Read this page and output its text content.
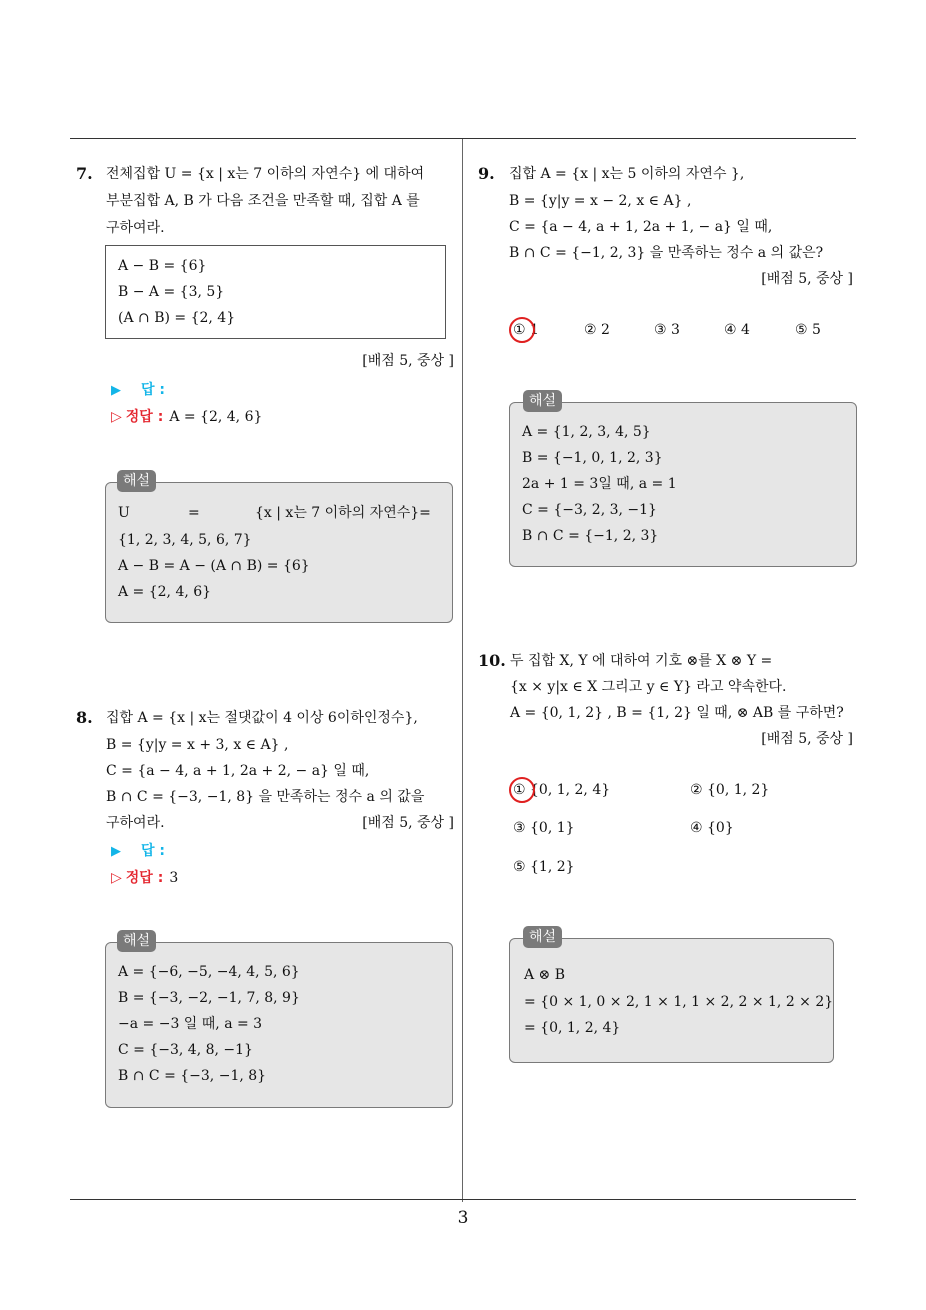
3
7. 전체집합 U = {x | x는 7 이하의 자연수} 에 대하여
부분집합 A, B 가 다음 조건을 만족할 때, 집합 A 를
구하여라.
A − B = {6}
B − A = {3, 5}
(A ∩ B) = {2, 4}
[배점 5, 중상 ]
▶ 답 :
▷ 정답 : A = {2, 4, 6}
해설
U	=	{x | x는 7 이하의 자연수}=
{1, 2, 3, 4, 5, 6, 7}
A − B = A − (A ∩ B) = {6}
A = {2, 4, 6}
8. 집합 A = {x | x는 절댓값이 4 이상 6이하인정수},
B = {y|y = x + 3, x ∈ A} ,
C = {a − 4, a + 1, 2a + 2, − a} 일 때,
B ∩ C = {−3, −1, 8} 을 만족하는 정수 a 의 값을
구하여라.	[배점 5, 중상 ]
▶ 답 :
▷ 정답 : 3
해설
A = {−6, −5, −4, 4, 5, 6}
B = {−3, −2, −1, 7, 8, 9}
−a = −3 일 때, a = 3
C = {−3, 4, 8, −1}
B ∩ C = {−3, −1, 8}
9. 집합 A = {x | x는 5 이하의 자연수 },
B = {y|y = x − 2, x ∈ A} ,
C = {a − 4, a + 1, 2a + 1, − a} 일 때,
B ∩ C = {−1, 2, 3} 을 만족하는 정수 a 의 값은?
[배점 5, 중상 ]
① 1	② 2	③ 3	④ 4	⑤ 5
해설
A = {1, 2, 3, 4, 5}
B = {−1, 0, 1, 2, 3}
2a + 1 = 3일 때, a = 1
C = {−3, 2, 3, −1}
B ∩ C = {−1, 2, 3}
10. 두 집합 X, Y 에 대하여 기호 ⊗를 X ⊗ Y =
{x × y|x ∈ X 그리고 y ∈ Y} 라고 약속한다.
A = {0, 1, 2} , B = {1, 2} 일 때, ⊗ AB 를 구하면?
[배점 5, 중상 ]
① {0, 1, 2, 4}	② {0, 1, 2}
③ {0, 1}	④ {0}
⑤ {1, 2}
해설
A ⊗ B
= {0 × 1, 0 × 2, 1 × 1, 1 × 2, 2 × 1, 2 × 2}
= {0, 1, 2, 4}
